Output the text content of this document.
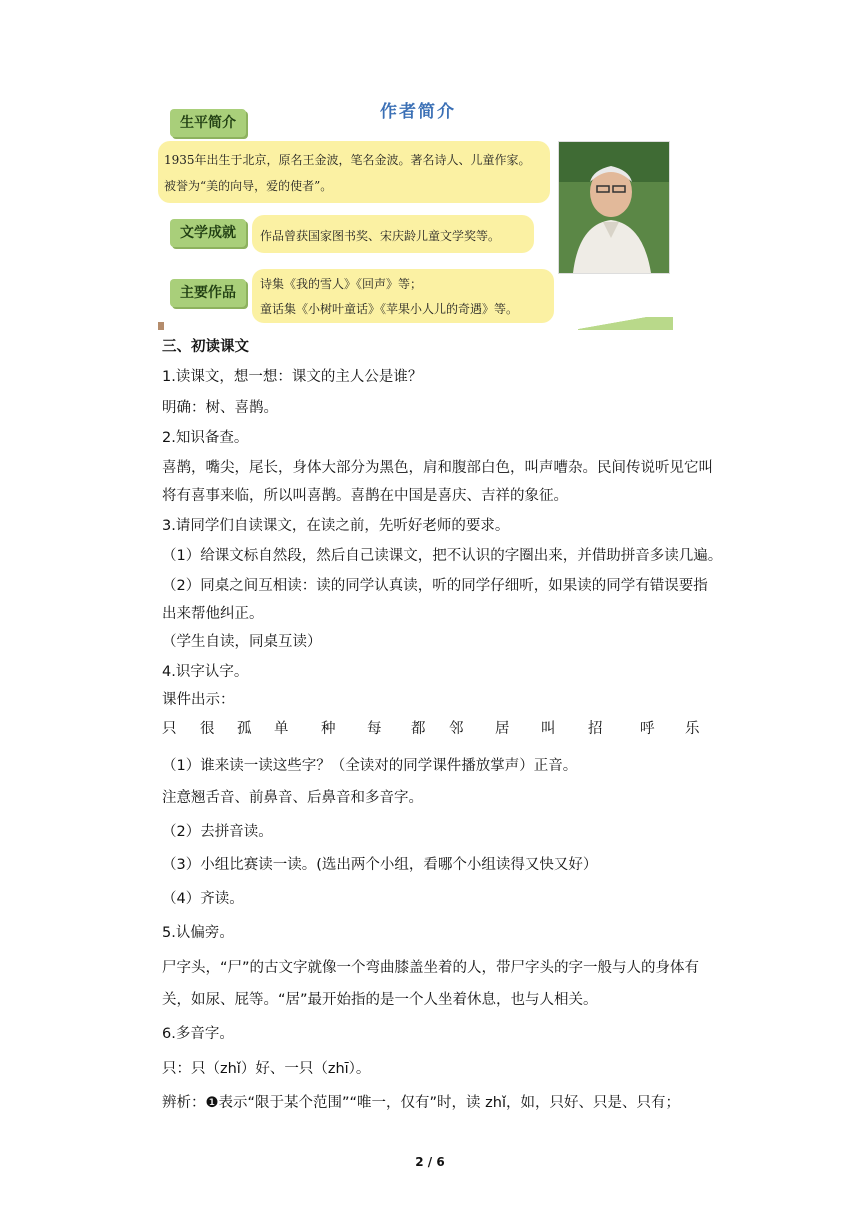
作者简介
生平简介

1935年出生于北京，原名王金波，笔名金波。著名诗人、儿童作家。

被誉为“美的向导，爱的使者”。

文学成就	作品曾获国家图书奖、宋庆龄儿童文学奖等。

主要作品

诗集《我的雪人》《回声》等；

童话集《小树叶童话》《苹果小人儿的奇遇》等。

三、初读课文
1.读课文，想一想：课文的主人公是谁？
明确：树、喜鹊。
2.知识备查。
喜鹊，嘴尖，尾长，身体大部分为黑色，肩和腹部白色，叫声嘈杂。民间传说听见它叫
将有喜事来临，所以叫喜鹊。喜鹊在中国是喜庆、吉祥的象征。
3.请同学们自读课文，在读之前，先听好老师的要求。
（1）给课文标自然段，然后自己读课文，把不认识的字圈出来，并借助拼音多读几遍。
（2）同桌之间互相读：读的同学认真读，听的同学仔细听，如果读的同学有错误要指
出来帮他纠正。
（学生自读，同桌互读）
4.识字认字。
课件出示：
只 很 孤 单 种 每 都 邻 居 叫 招	呼 乐
（1）谁来读一读这些字？（全读对的同学课件播放掌声）正音。
注意翘舌音、前鼻音、后鼻音和多音字。
（2）去拼音读。
（3）小组比赛读一读。(选出两个小组，看哪个小组读得又快又好）
（4）齐读。
5.认偏旁。
尸字头，“尸”的古文字就像一个弯曲膝盖坐着的人，带尸字头的字一般与人的身体有
关，如尿、屁等。“居”最开始指的是一个人坐着休息，也与人相关。
6.多音字。
只：只（zhǐ）好、一只（zhī）。
辨析：❶表示“限于某个范围”“唯一，仅有”时，读 zhǐ，如，只好、只是、只有；
2 / 6
